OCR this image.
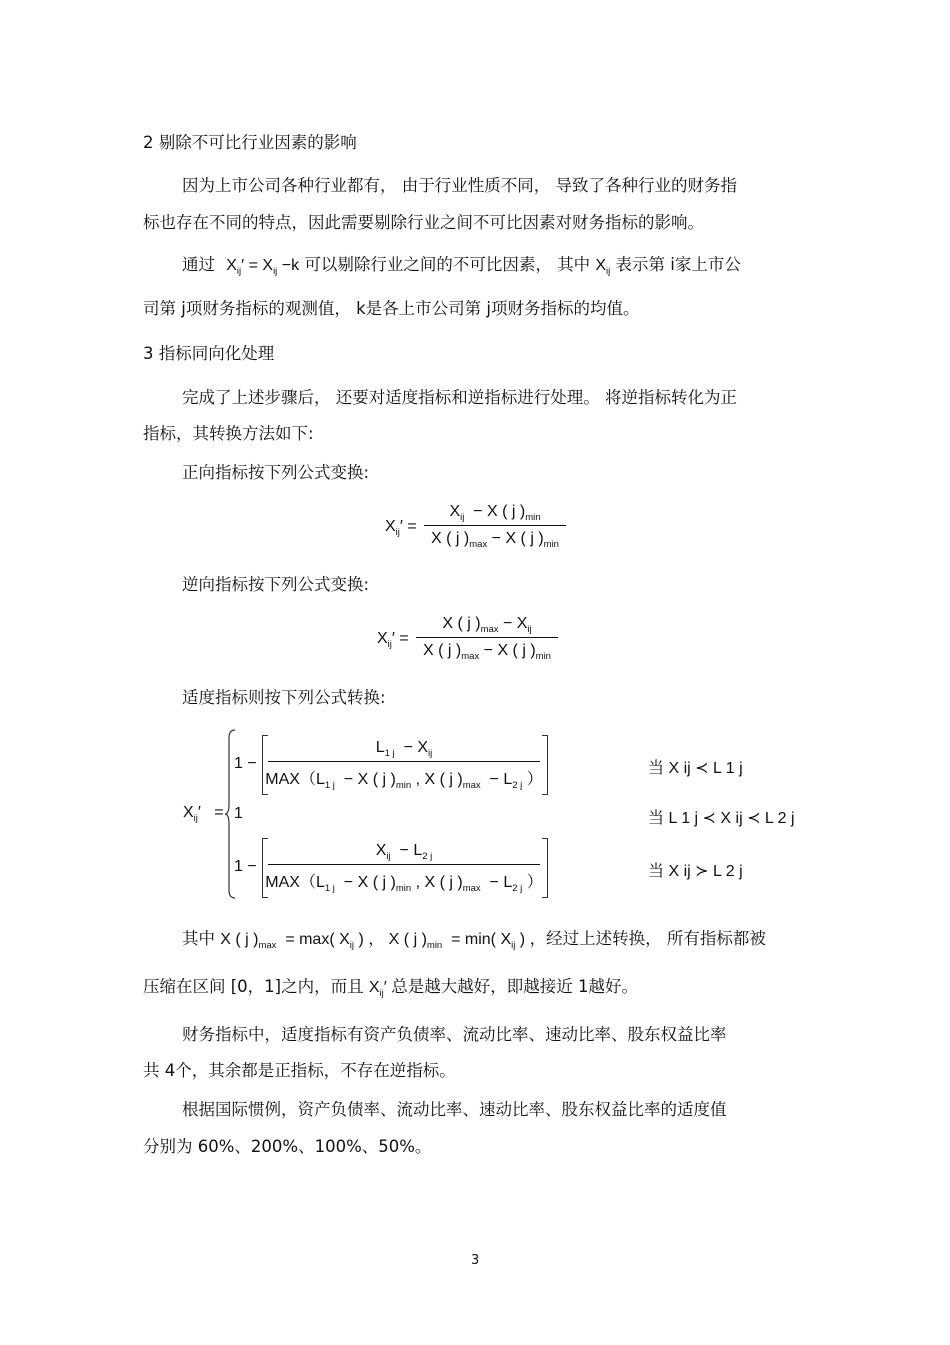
2 剔除不可比行业因素的影响
因为上市公司各种行业都有， 由于行业性质不同， 导致了各种行业的财务指
标也存在不同的特点，因此需要剔除行业之间不可比因素对财务指标的影响。
通过 $X_{ij}' = X_{ij} -k$ 可以剔除行业之间的不可比因素， 其中 $X_{ij}$ 表示第 i家上市公
司第 j项财务指标的观测值， k是各上市公司第 j项财务指标的均值。
3 指标同向化处理
完成了上述步骤后， 还要对适度指标和逆指标进行处理。 将逆指标转化为正
指标，其转换方法如下:
正向指标按下列公式变换:
$X_{ij}'$ =
$X_{ij} - X$ ( j )$_{min}$
X ( j )$_{max} - X$ ( j )$_{min}$
逆向指标按下列公式变换:
$X_{ij}'$ =
X ( j )$_{max} - X_{ij}$
X ( j )$_{max} - X$ ( j )$_{min}$
适度指标则按下列公式转换:
$X_{ij}'$   =
1 −
$L_{1 j} - X_{ij}$
$MAX(L_{1 j} - X$ ( j )$_{min}$ , X ( j )$_{max} - L_{2 j}$ ）
1
1 −
$X_{ij} - L_{2 j}$
$MAX(L_{1 j} - X$ ( j )$_{min}$ , X ( j )$_{max} - L_{2 j}$ ）
当 X ij ≺ L 1 j
当 L 1 j ≺ X ij ≺ L 2 j
当 X ij ≻ L 2 j
其中 X ( j )$_{max} = \max$( $X_{ij}$ ) ， X ( j )$_{min} = \min$( $X_{ij}$ ) ，经过上述转换， 所有指标都被
压缩在区间 [0，1]之内，而且 $X_{ij}'$ 总是越大越好，即越接近 1越好。
财务指标中，适度指标有资产负债率、流动比率、速动比率、股东权益比率
共 4个，其余都是正指标，不存在逆指标。
根据国际惯例，资产负债率、流动比率、速动比率、股东权益比率的适度值
分别为 60%、200%、100%、50%。
3
